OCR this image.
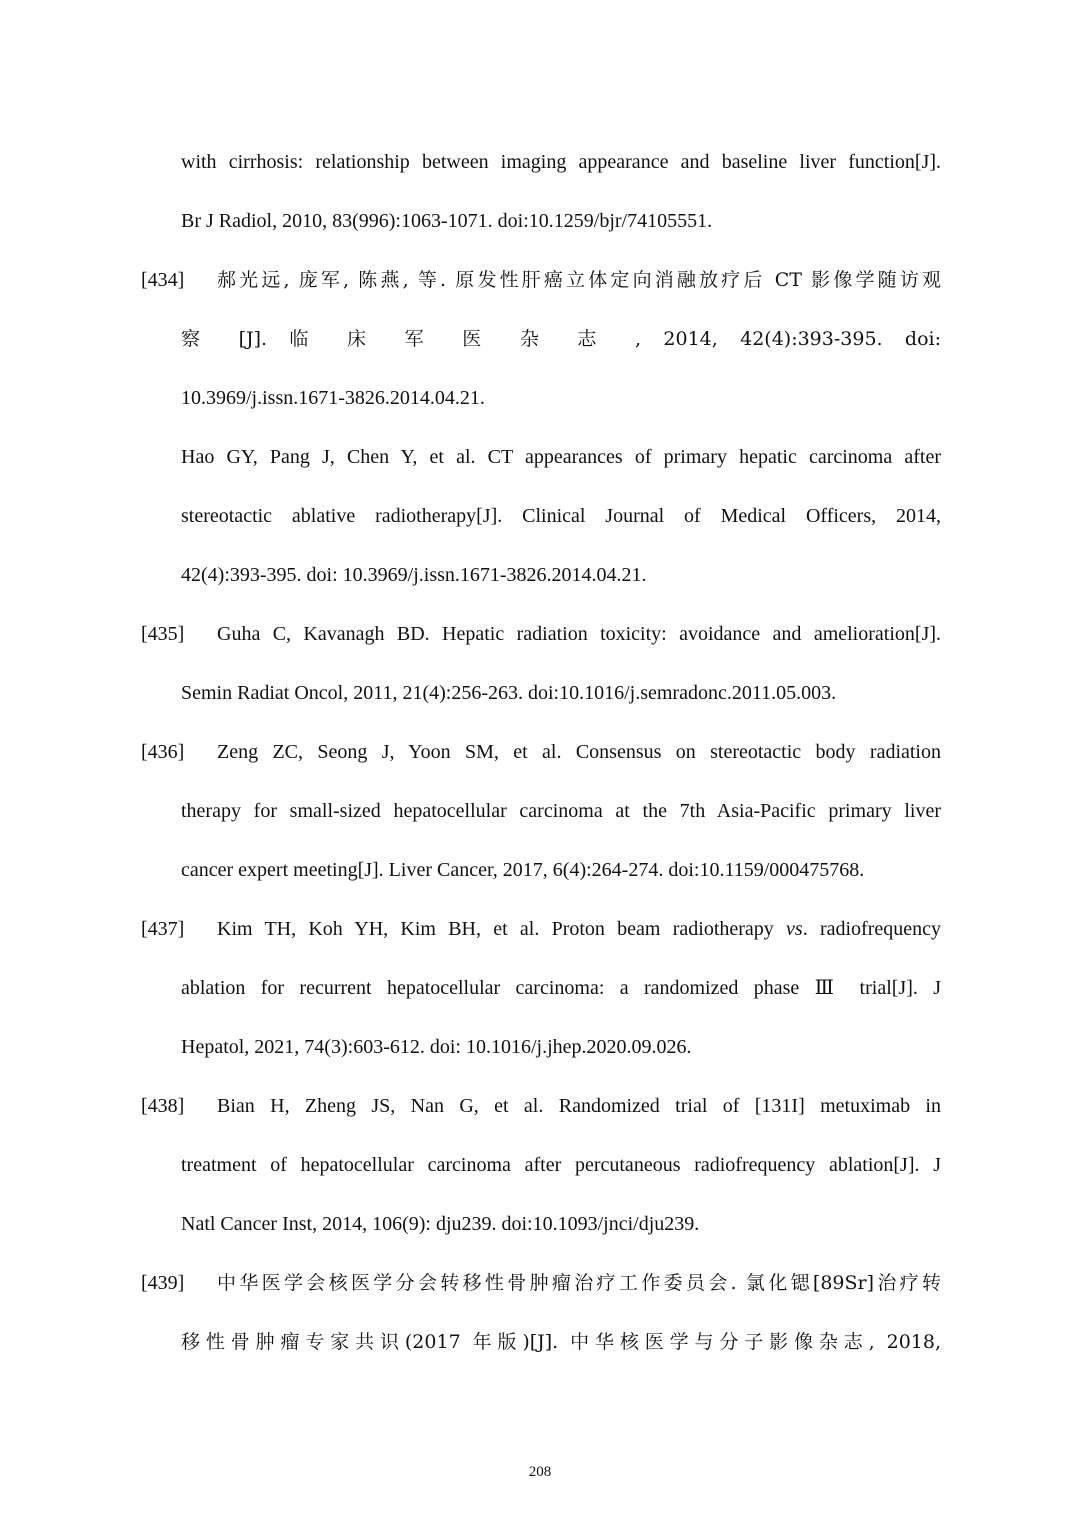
with cirrhosis: relationship between imaging appearance and baseline liver function[J].
Br J Radiol, 2010, 83(996):1063-1071. doi:10.1259/bjr/74105551.
[434] 郝光远, 庞军, 陈燕, 等. 原发性肝癌立体定向消融放疗后 CT 影像学随访观
察 [J]. 临 床 军 医 杂 志 , 2014, 42(4):393-395. doi:
10.3969/j.issn.1671-3826.2014.04.21.
Hao GY, Pang J, Chen Y, et al. CT appearances of primary hepatic carcinoma after
stereotactic ablative radiotherapy[J]. Clinical Journal of Medical Officers, 2014,
42(4):393-395. doi: 10.3969/j.issn.1671-3826.2014.04.21.
[435] Guha C, Kavanagh BD. Hepatic radiation toxicity: avoidance and amelioration[J].
Semin Radiat Oncol, 2011, 21(4):256-263. doi:10.1016/j.semradonc.2011.05.003.
[436] Zeng ZC, Seong J, Yoon SM, et al. Consensus on stereotactic body radiation
therapy for small-sized hepatocellular carcinoma at the 7th Asia-Pacific primary liver
cancer expert meeting[J]. Liver Cancer, 2017, 6(4):264-274. doi:10.1159/000475768.
[437] Kim TH, Koh YH, Kim BH, et al. Proton beam radiotherapy vs. radiofrequency
ablation for recurrent hepatocellular carcinoma: a randomized phase Ⅲ trial[J]. J
Hepatol, 2021, 74(3):603-612. doi: 10.1016/j.jhep.2020.09.026.
[438] Bian H, Zheng JS, Nan G, et al. Randomized trial of [131I] metuximab in
treatment of hepatocellular carcinoma after percutaneous radiofrequency ablation[J]. J
Natl Cancer Inst, 2014, 106(9): dju239. doi:10.1093/jnci/dju239.
[439] 中华医学会核医学分会转移性骨肿瘤治疗工作委员会. 氯化锶[89Sr]治疗转
移性骨肿瘤专家共识(2017 年版)[J]. 中华核医学与分子影像杂志, 2018,
208
